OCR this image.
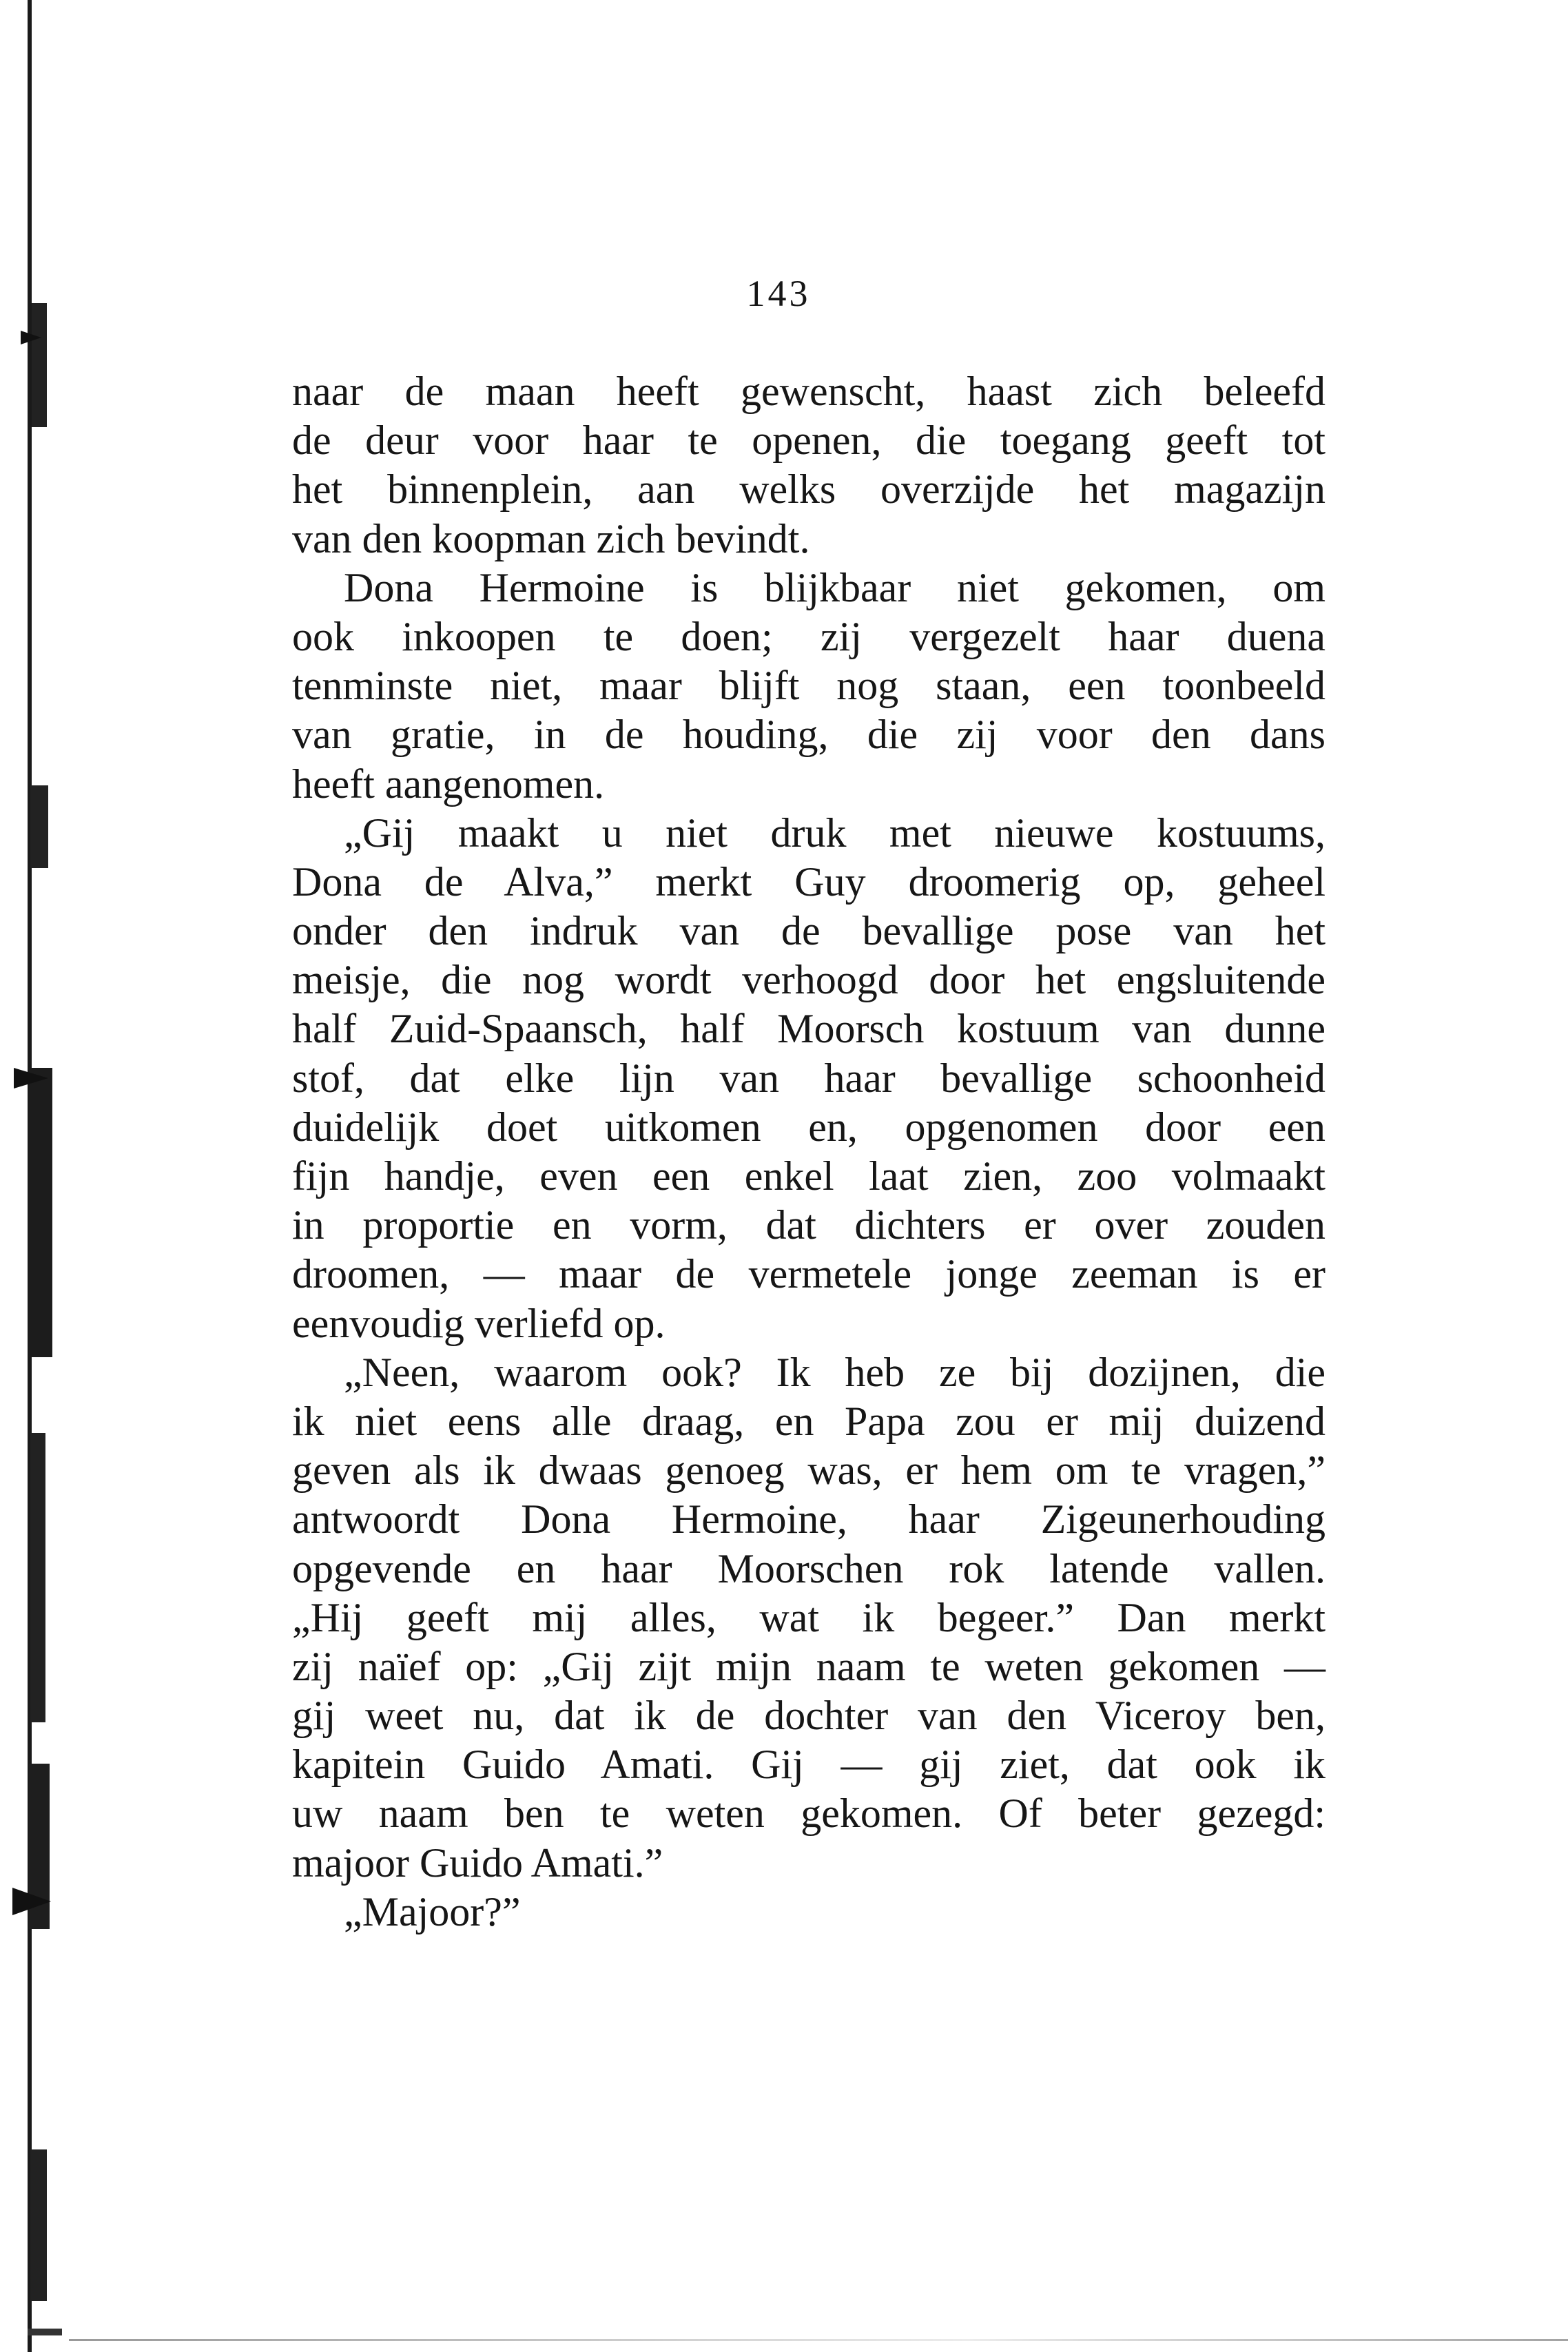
143
naar de maan heeft gewenscht, haast zich beleefd
de deur voor haar te openen, die toegang geeft tot
het binnenplein, aan welks overzijde het magazijn
van den koopman zich bevindt.
Dona Hermoine is blijkbaar niet gekomen, om
ook inkoopen te doen; zij vergezelt haar duena
tenminste niet, maar blijft nog staan, een toonbeeld
van gratie, in de houding, die zij voor den dans
heeft aangenomen.
„Gij maakt u niet druk met nieuwe kostuums,
Dona de Alva,” merkt Guy droomerig op, geheel
onder den indruk van de bevallige pose van het
meisje, die nog wordt verhoogd door het engsluitende
half Zuid-Spaansch, half Moorsch kostuum van dunne
stof, dat elke lijn van haar bevallige schoonheid
duidelijk doet uitkomen en, opgenomen door een
fijn handje, even een enkel laat zien, zoo volmaakt
in proportie en vorm, dat dichters er over zouden
droomen, — maar de vermetele jonge zeeman is er
eenvoudig verliefd op.
„Neen, waarom ook? Ik heb ze bij dozijnen, die
ik niet eens alle draag, en Papa zou er mij duizend
geven als ik dwaas genoeg was, er hem om te vragen,”
antwoordt Dona Hermoine, haar Zigeunerhouding
opgevende en haar Moorschen rok latende vallen.
„Hij geeft mij alles, wat ik begeer.” Dan merkt
zij naïef op: „Gij zijt mijn naam te weten gekomen —
gij weet nu, dat ik de dochter van den Viceroy ben,
kapitein Guido Amati. Gij — gij ziet, dat ook ik
uw naam ben te weten gekomen. Of beter gezegd:
majoor Guido Amati.”
„Majoor?”
